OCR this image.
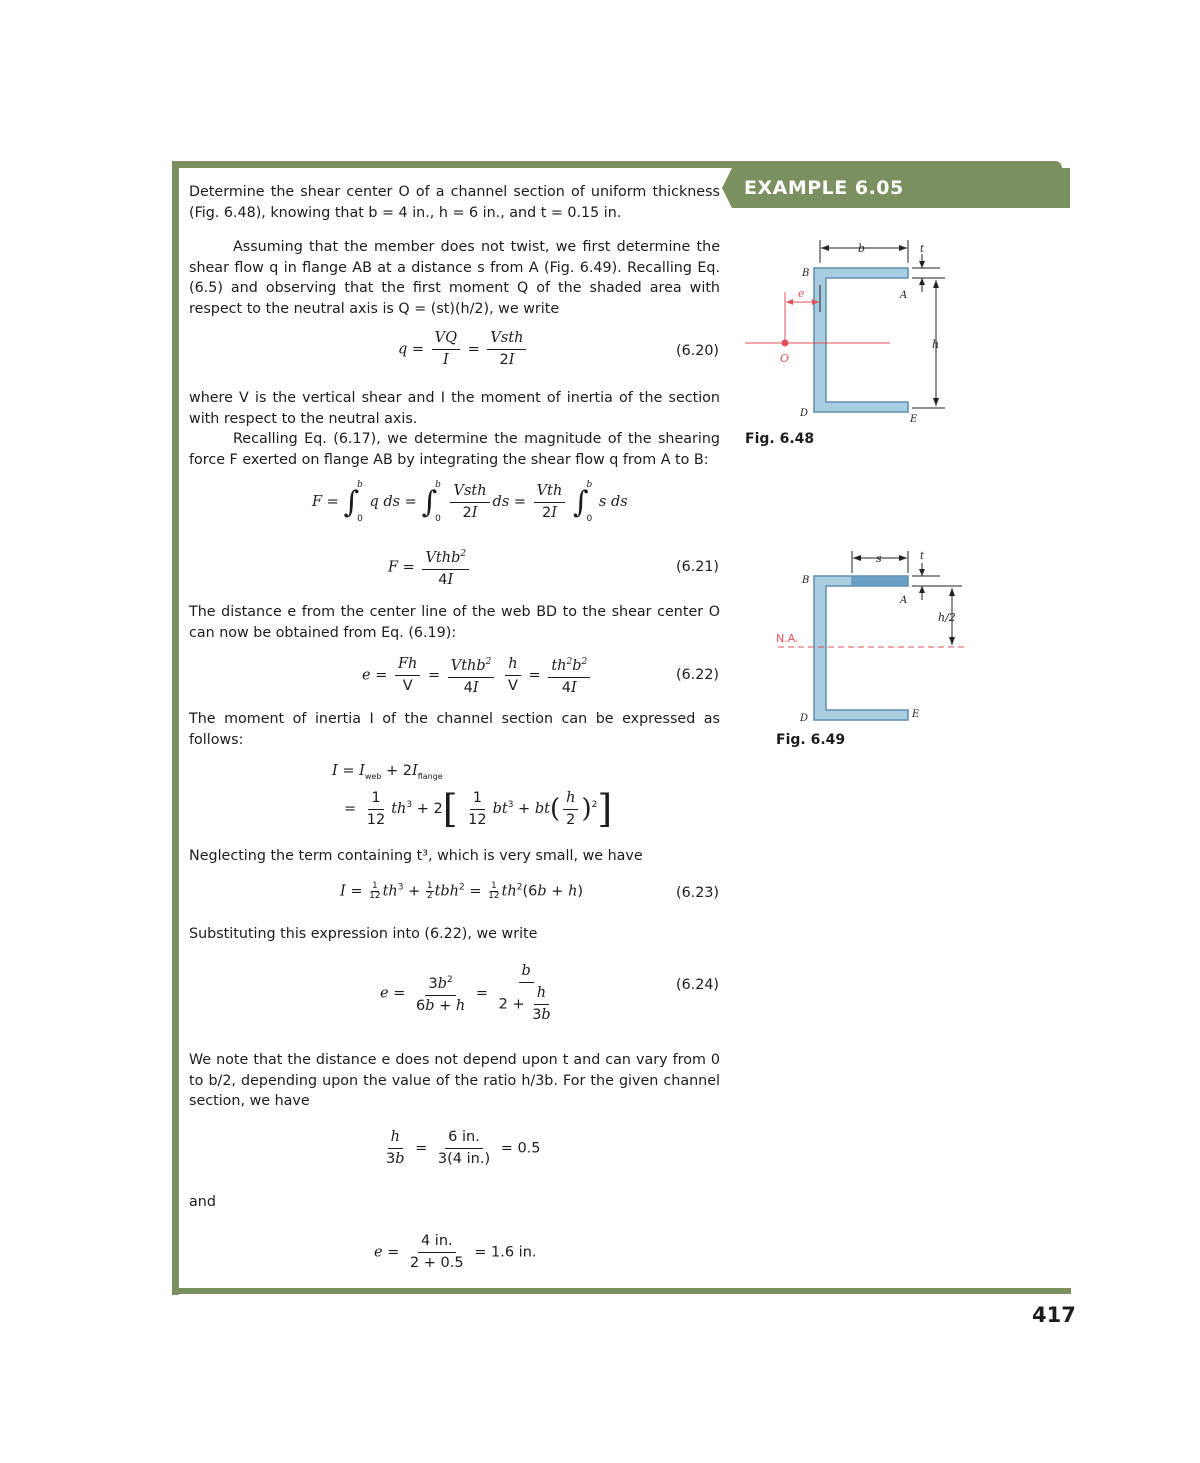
EXAMPLE 6.05
Determine the shear center O of a channel section of uniform thickness (Fig. 6.48), knowing that b = 4 in., h = 6 in., and t = 0.15 in.
Assuming that the member does not twist, we first determine the shear flow q in flange AB at a distance s from A (Fig. 6.49). Recalling Eq. (6.5) and observing that the first moment Q of the shaded area with respect to the neutral axis is Q = (st)(h/2), we write
$q = \frac{VQ}{I} = \frac{\text{Vsth}}{2I}$	(6.20)
where V is the vertical shear and I the moment of inertia of the section with respect to the neutral axis.
Recalling Eq. (6.17), we determine the magnitude of the shearing force F exerted on flange AB by integrating the shear flow q from A to B:
F = ∫
b
0
q ds = ∫
b
0
$\frac{\text{Vsth}}{2I}$ ds = $\frac{\text{Vth}}{2I}$ ∫
b
0
s ds
$F = \frac{Vthb^2}{4I}$	(6.21)
The distance e from the center line of the web BD to the shear center O can now be obtained from Eq. (6.19):
$e = \frac{Fh}{V} = \frac{Vthb^2}{4I}$
$\frac{h}{V} = \frac{th^2b^2}{4I}$	(6.22)
The moment of inertia I of the channel section can be expressed as follows:
$I = I_{web} + 2I_{flange}$
= $\frac{1}{12} th^3 + 2[ \frac{1}{12} bt^3 + bt( \frac{h}{2} )^2]$
Neglecting the term containing t³, which is very small, we have
$I = \frac{1}{12} th^3 + \frac{1}{2} tbh^2 = \frac{1}{12} th^2(6b + h)$	(6.23)
Substituting this expression into (6.22), we write
$e = \frac{3b^2}{6b + h} = \frac{b}{2 + \frac{h}{3b}}$	(6.24)
We note that the distance e does not depend upon t and can vary from 0 to b/2, depending upon the value of the ratio h/3b. For the given channel section, we have
$\frac{h}{3b} = \frac{6 in.}{3(4 in.)} = 0.5$
and
$e = \frac{4 in.}{2 + 0.5} = 1.6$ in.
b	t
h
e
O
B
A
D
E
Fig. 6.48
s	t
h/2
N.A.
B
A
D	E
Fig. 6.49
417
